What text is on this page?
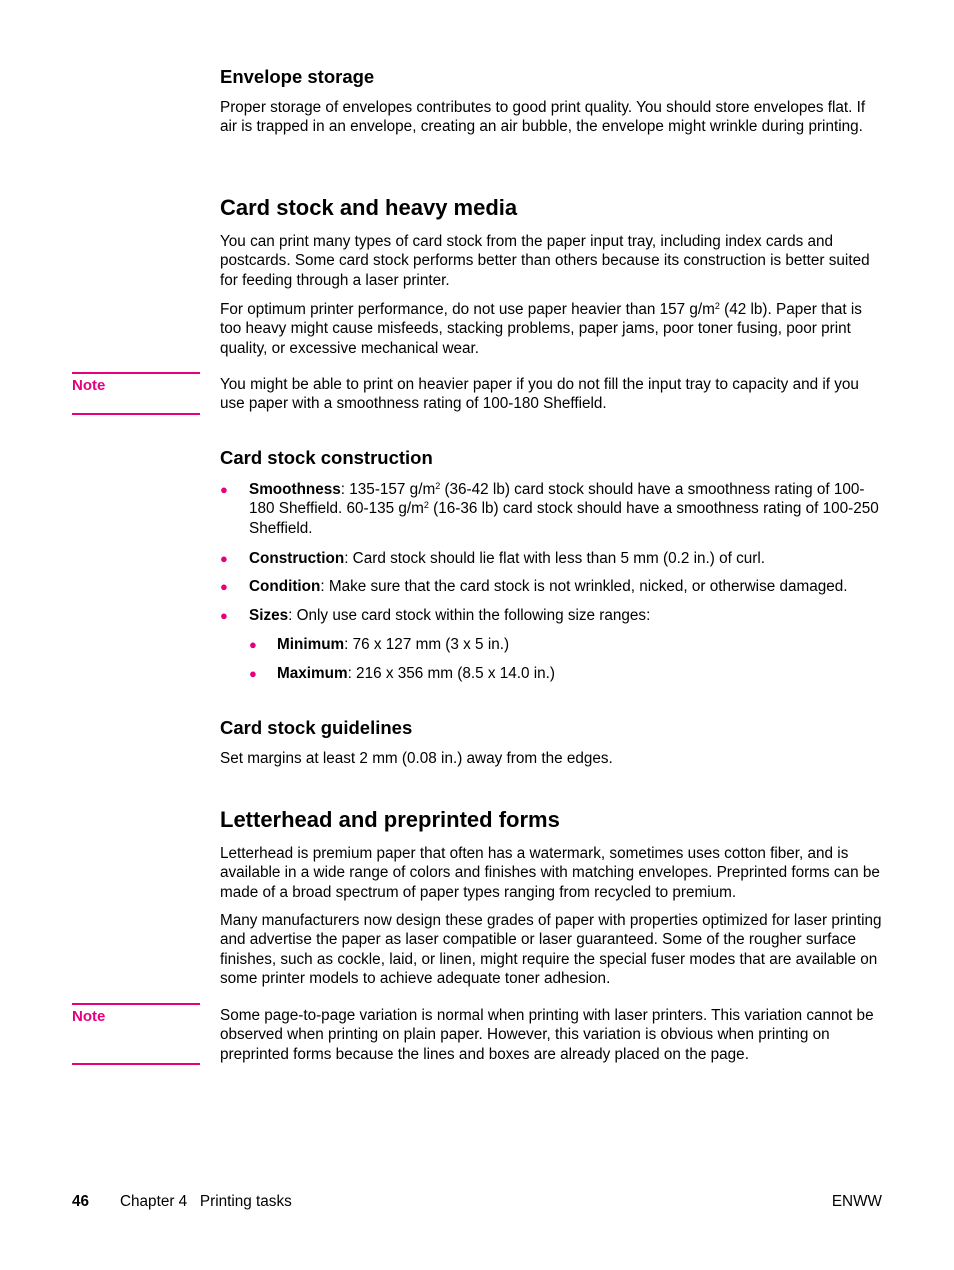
Envelope storage

Proper storage of envelopes contributes to good print quality. You should store envelopes flat. If air is trapped in an envelope, creating an air bubble, the envelope might wrinkle during printing.

Card stock and heavy media

You can print many types of card stock from the paper input tray, including index cards and postcards. Some card stock performs better than others because its construction is better suited for feeding through a laser printer.

For optimum printer performance, do not use paper heavier than 157 $g/m^2$ (42 lb). Paper that is too heavy might cause misfeeds, stacking problems, paper jams, poor toner fusing, poor print quality, or excessive mechanical wear.

Note	You might be able to print on heavier paper if you do not fill the input tray to capacity and if you use paper with a smoothness rating of 100-180 Sheffield.

Card stock construction
● Smoothness: 135-157 $g/m^2$ (36-42 lb) card stock should have a smoothness rating of 100-180 Sheffield. 60-135 $g/m^2$ (16-36 lb) card stock should have a smoothness rating of 100-250 Sheffield.

● Construction: Card stock should lie flat with less than 5 mm (0.2 in.) of curl.

● Condition: Make sure that the card stock is not wrinkled, nicked, or otherwise damaged.

● Sizes: Only use card stock within the following size ranges:

● Minimum: 76 x 127 mm (3 x 5 in.)

● Maximum: 216 x 356 mm (8.5 x 14.0 in.)

Card stock guidelines

Set margins at least 2 mm (0.08 in.) away from the edges.

Letterhead and preprinted forms

Letterhead is premium paper that often has a watermark, sometimes uses cotton fiber, and is available in a wide range of colors and finishes with matching envelopes. Preprinted forms can be made of a broad spectrum of paper types ranging from recycled to premium.

Many manufacturers now design these grades of paper with properties optimized for laser printing and advertise the paper as laser compatible or laser guaranteed. Some of the rougher surface finishes, such as cockle, laid, or linen, might require the special fuser modes that are available on some printer models to achieve adequate toner adhesion.

Note	Some page-to-page variation is normal when printing with laser printers. This variation cannot be observed when printing on plain paper. However, this variation is obvious when printing on preprinted forms because the lines and boxes are already placed on the page.

46 Chapter 4   Printing tasks	ENWW
